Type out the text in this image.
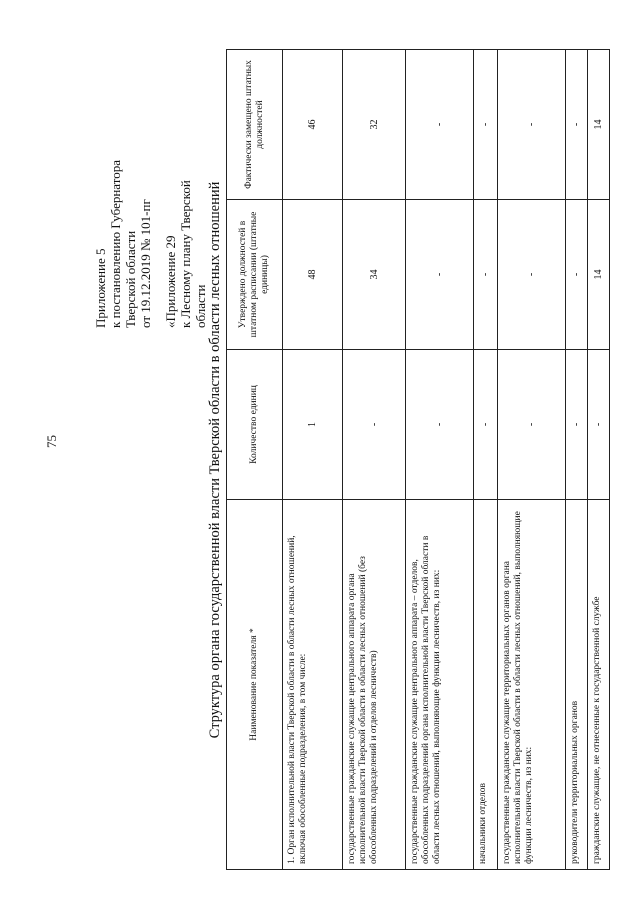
75
Приложение 5 к постановлению Губернатора Тверской области от 19.12.2019 № 101-пг «Приложение 29 к Лесному плану Тверской области Структура органа государственной власти Тверской области в области лесных отношений	Наименование показателя *	Количество единиц	Утверждено должностей в штатном расписании (штатные единицы)	Фактически замещено штатных должностей
1. Орган исполнительной власти Тверской области в области лесных отношений, включая обособленные подразделения, в том числе:	1	48	46
государственные гражданские служащие центрального аппарата органа исполнительной власти Тверской области в области лесных отношений (без обособленных подразделений и отделов лесничеств)	-	34	32
государственные гражданские служащие центрального аппарата – отделов, обособленных подразделений органа исполнительной власти Тверской области в области лесных отношений, выполняющие функции лесничеств, из них:	-	-	-
начальники отделов	-	-	-
государственные гражданские служащие территориальных органов органа исполнительной власти Тверской области в области лесных отношений, выполняющие функции лесничеств, из них:	-	-	-
руководители территориальных органов	-	-	-
гражданские служащие, не отнесенные к государственной службе	-	14	14
